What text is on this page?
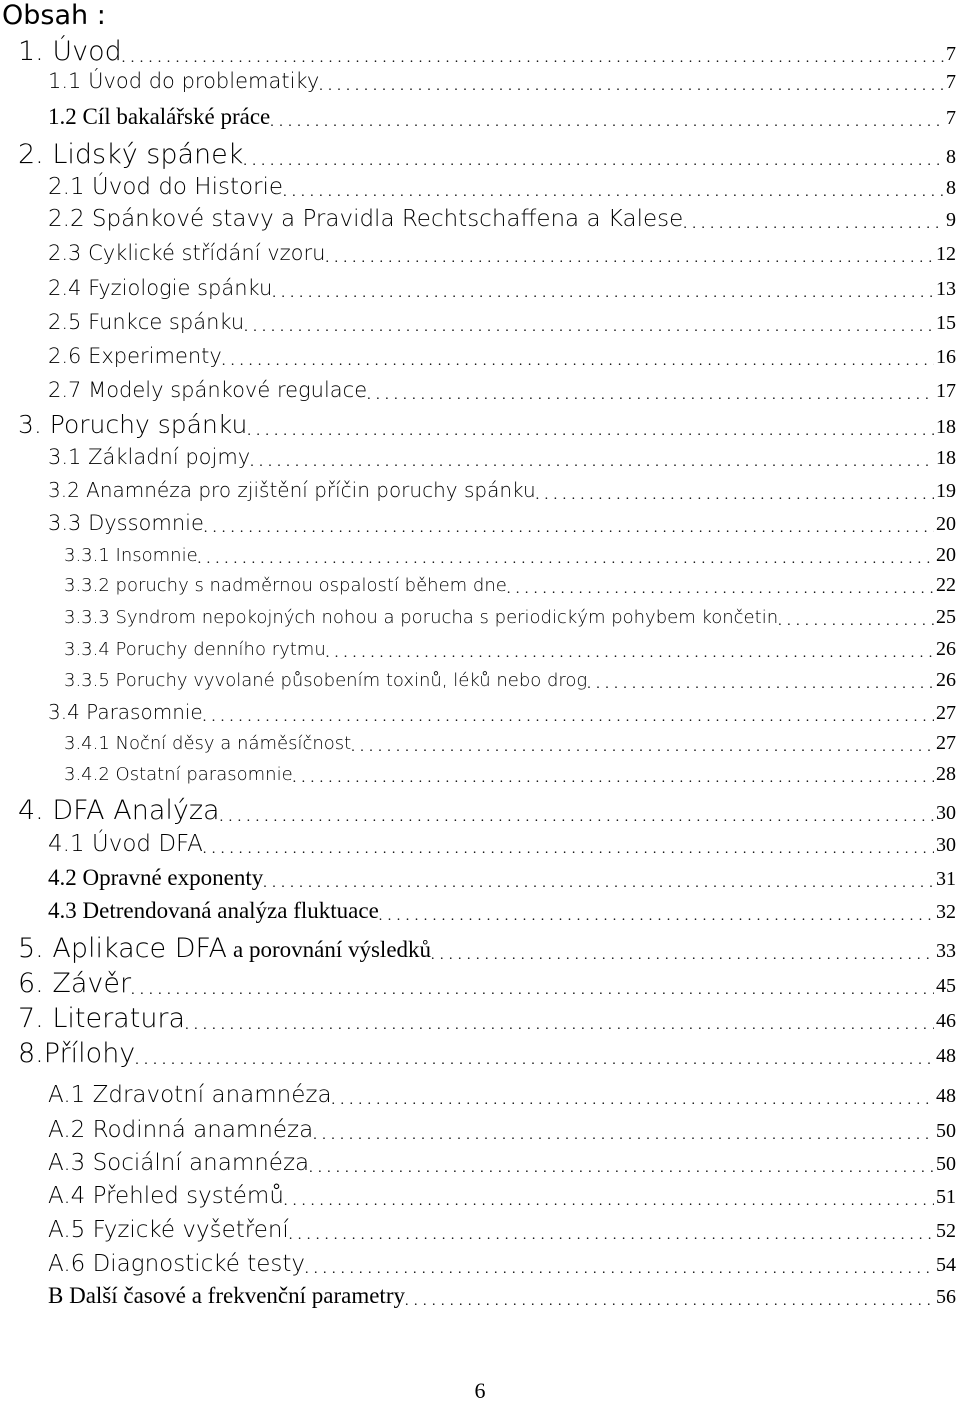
Obsah :
1. Úvod . . .	7
1.1 Úvod do problematiky . . .	7
1.2 Cíl bakalářské práce . . .	7
2. Lidský spánek . . .	8
2.1 Úvod do Historie . . .	8
2.2 Spánkové stavy a Pravidla Rechtschaffena a Kalese . . .	9
2.3 Cyklické střídání vzoru . . .	12
2.4 Fyziologie spánku . . .	13
2.5 Funkce spánku . . .	15
2.6 Experimenty . . .	16
2.7 Modely spánkové regulace . . .	17
3. Poruchy spánku . . .	18
3.1 Základní pojmy . . .	18
3.2 Anamnéza pro zjištění příčin poruchy spánku . . .	19
3.3 Dyssomnie . . .	20
3.3.1 Insomnie . . .	20
3.3.2 poruchy s nadměrnou ospalostí během dne . . .	22
3.3.3 Syndrom nepokojných nohou a porucha s periodickým pohybem končetin . . .	25
3.3.4 Poruchy denního rytmu . . .	26
3.3.5 Poruchy vyvolané působením toxinů, léků nebo drog . . .	26
3.4 Parasomnie . . .	27
3.4.1 Noční děsy a náměsíčnost . . .	27
3.4.2 Ostatní parasomnie . . .	28
4. DFA Analýza . . .	30
4.1 Úvod DFA . . .	30
4.2 Opravné exponenty . . .	31
4.3 Detrendovaná analýza fluktuace . . .	32
5. Aplikace DFA a porovnání výsledků . . .	33
6. Závěr . . .	45
7. Literatura . . .	46
8.Přílohy . . .	48
A.1 Zdravotní anamnéza . . .	48
A.2 Rodinná anamnéza . . .	50
A.3 Sociální anamnéza . . .	50
A.4 Přehled systémů . . .	51
A.5 Fyzické vyšetření . . .	52
A.6 Diagnostické testy . . .	54
B Další časové a frekvenční parametry . . .	56
6
